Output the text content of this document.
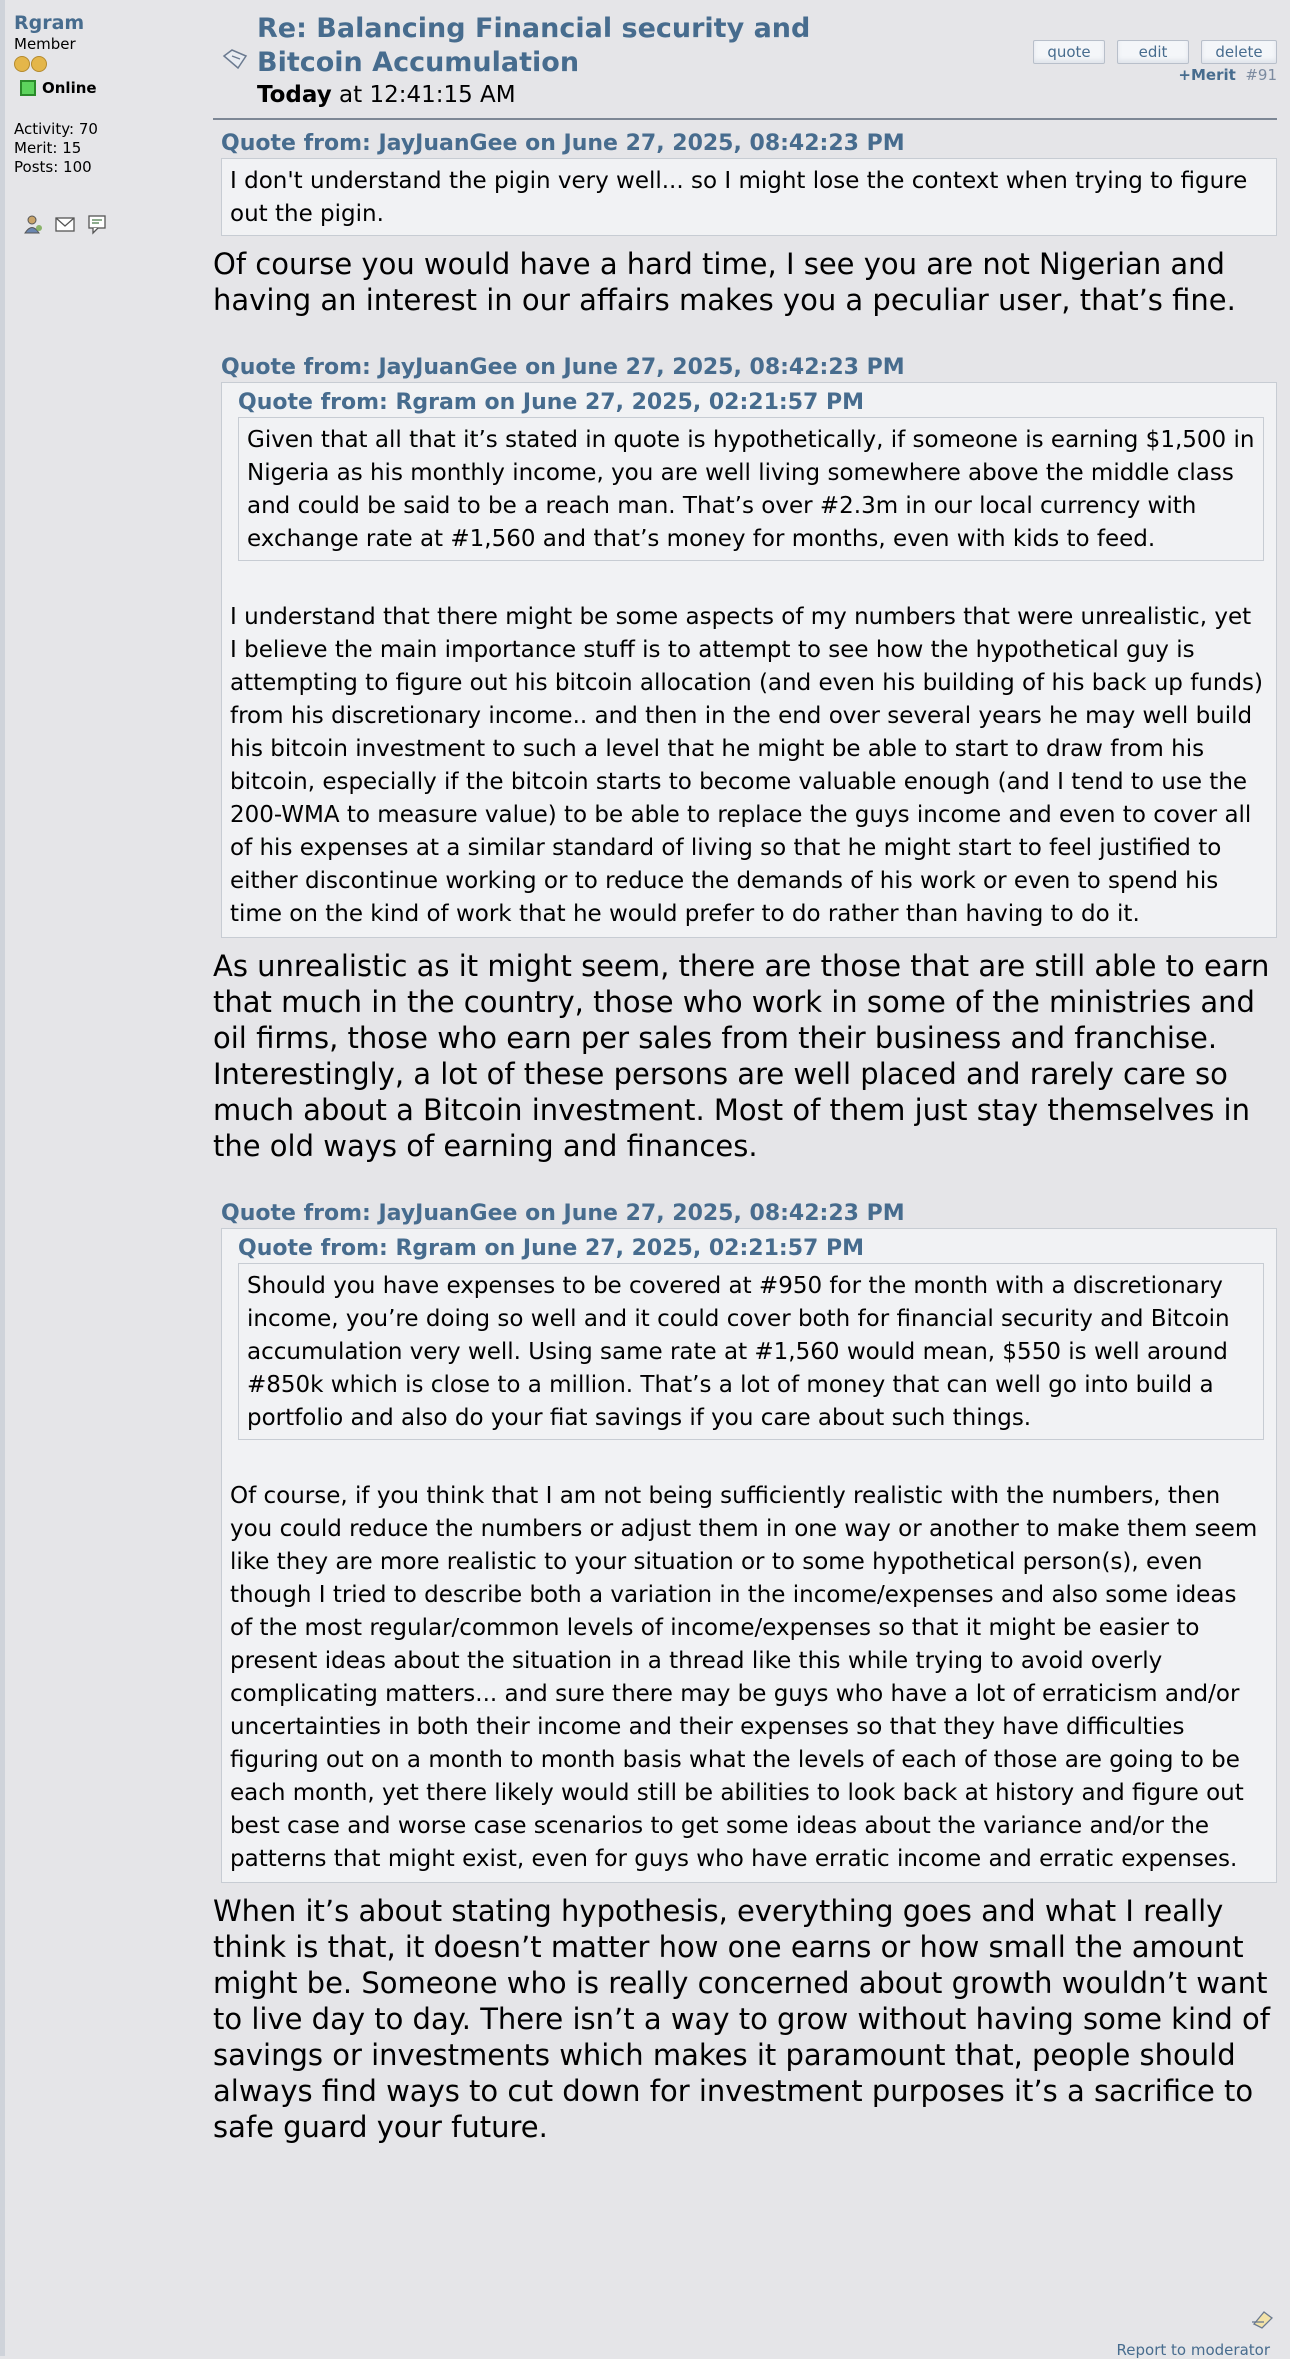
Rgram
Member
Online
Activity: 70
Merit: 15
Posts: 100
Re: Balancing Financial security and Bitcoin Accumulation
Today at 12:41:15 AM
quote	edit	delete
+Merit #91
Quote from: JayJuanGee on June 27, 2025, 08:42:23 PM
I don't understand the pigin very well... so I might lose the context when trying to figure out the pigin.
Of course you would have a hard time, I see you are not Nigerian and having an interest in our affairs makes you a peculiar user, that’s fine.
Quote from: JayJuanGee on June 27, 2025, 08:42:23 PM
Quote from: Rgram on June 27, 2025, 02:21:57 PM
Given that all that it’s stated in quote is hypothetically, if someone is earning $1,500 in Nigeria as his monthly income, you are well living somewhere above the middle class and could be said to be a reach man. That’s over #2.3m in our local currency with exchange rate at #1,560 and that’s money for months, even with kids to feed.
I understand that there might be some aspects of my numbers that were unrealistic, yet I believe the main importance stuff is to attempt to see how the hypothetical guy is attempting to figure out his bitcoin allocation (and even his building of his back up funds) from his discretionary income.. and then in the end over several years he may well build his bitcoin investment to such a level that he might be able to start to draw from his bitcoin, especially if the bitcoin starts to become valuable enough (and I tend to use the 200-WMA to measure value) to be able to replace the guys income and even to cover all of his expenses at a similar standard of living so that he might start to feel justified to either discontinue working or to reduce the demands of his work or even to spend his time on the kind of work that he would prefer to do rather than having to do it.
As unrealistic as it might seem, there are those that are still able to earn that much in the country, those who work in some of the ministries and oil firms, those who earn per sales from their business and franchise. Interestingly, a lot of these persons are well placed and rarely care so much about a Bitcoin investment. Most of them just stay themselves in the old ways of earning and finances.
Quote from: JayJuanGee on June 27, 2025, 08:42:23 PM
Quote from: Rgram on June 27, 2025, 02:21:57 PM
Should you have expenses to be covered at #950 for the month with a discretionary income, you’re doing so well and it could cover both for financial security and Bitcoin accumulation very well. Using same rate at #1,560 would mean, $550 is well around #850k which is close to a million. That’s a lot of money that can well go into build a portfolio and also do your fiat savings if you care about such things.
Of course, if you think that I am not being sufficiently realistic with the numbers, then you could reduce the numbers or adjust them in one way or another to make them seem like they are more realistic to your situation or to some hypothetical person(s), even though I tried to describe both a variation in the income/expenses and also some ideas of the most regular/common levels of income/expenses so that it might be easier to present ideas about the situation in a thread like this while trying to avoid overly complicating matters... and sure there may be guys who have a lot of erraticism and/or uncertainties in both their income and their expenses so that they have difficulties figuring out on a month to month basis what the levels of each of those are going to be each month, yet there likely would still be abilities to look back at history and figure out best case and worse case scenarios to get some ideas about the variance and/or the patterns that might exist, even for guys who have erratic income and erratic expenses.
When it’s about stating hypothesis, everything goes and what I really think is that, it doesn’t matter how one earns or how small the amount might be. Someone who is really concerned about growth wouldn’t want to live day to day. There isn’t a way to grow without having some kind of savings or investments which makes it paramount that, people should always find ways to cut down for investment purposes it’s a sacrifice to safe guard your future.
Report to moderator
